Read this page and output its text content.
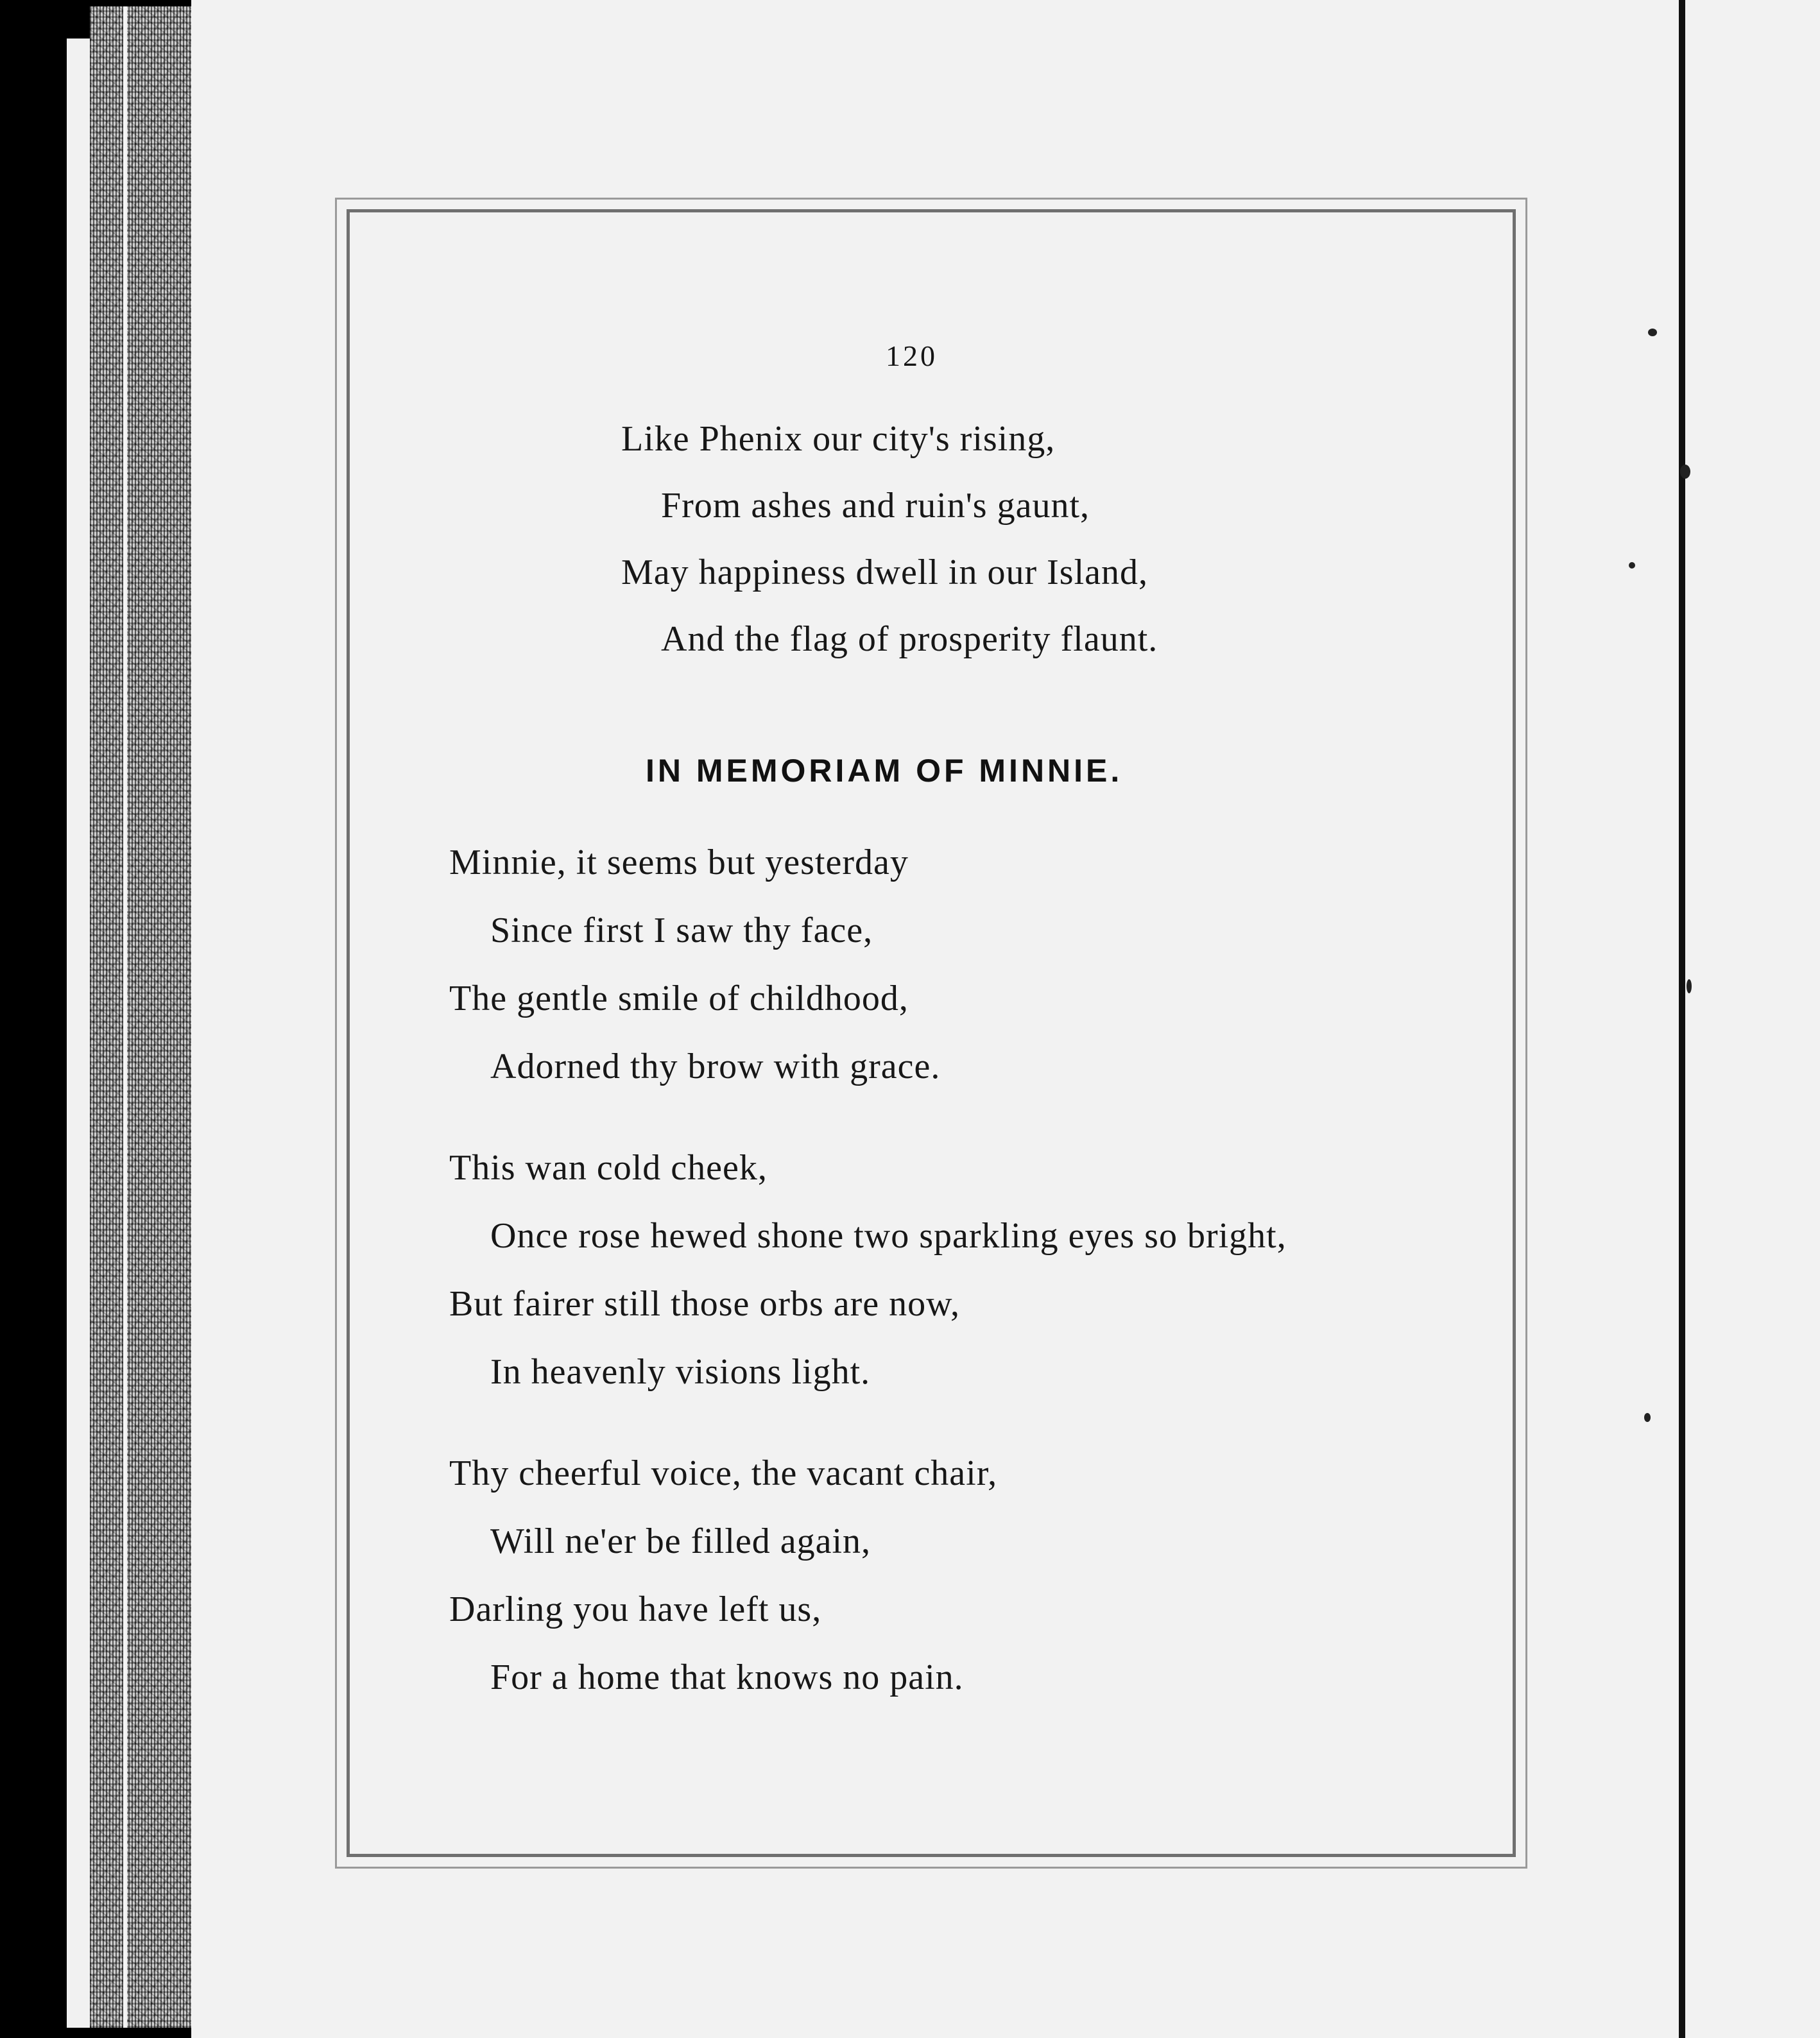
120
Like Phenix our city's rising,
From ashes and ruin's gaunt,
May happiness dwell in our Island,
And the flag of prosperity flaunt.
IN MEMORIAM OF MINNIE.
Minnie, it seems but yesterday
Since first I saw thy face,
The gentle smile of childhood,
Adorned thy brow with grace.
This wan cold cheek,
Once rose hewed shone two sparkling eyes so bright,
But fairer still those orbs are now,
In heavenly visions light.
Thy cheerful voice, the vacant chair,
Will ne'er be filled again,
Darling you have left us,
For a home that knows no pain.
